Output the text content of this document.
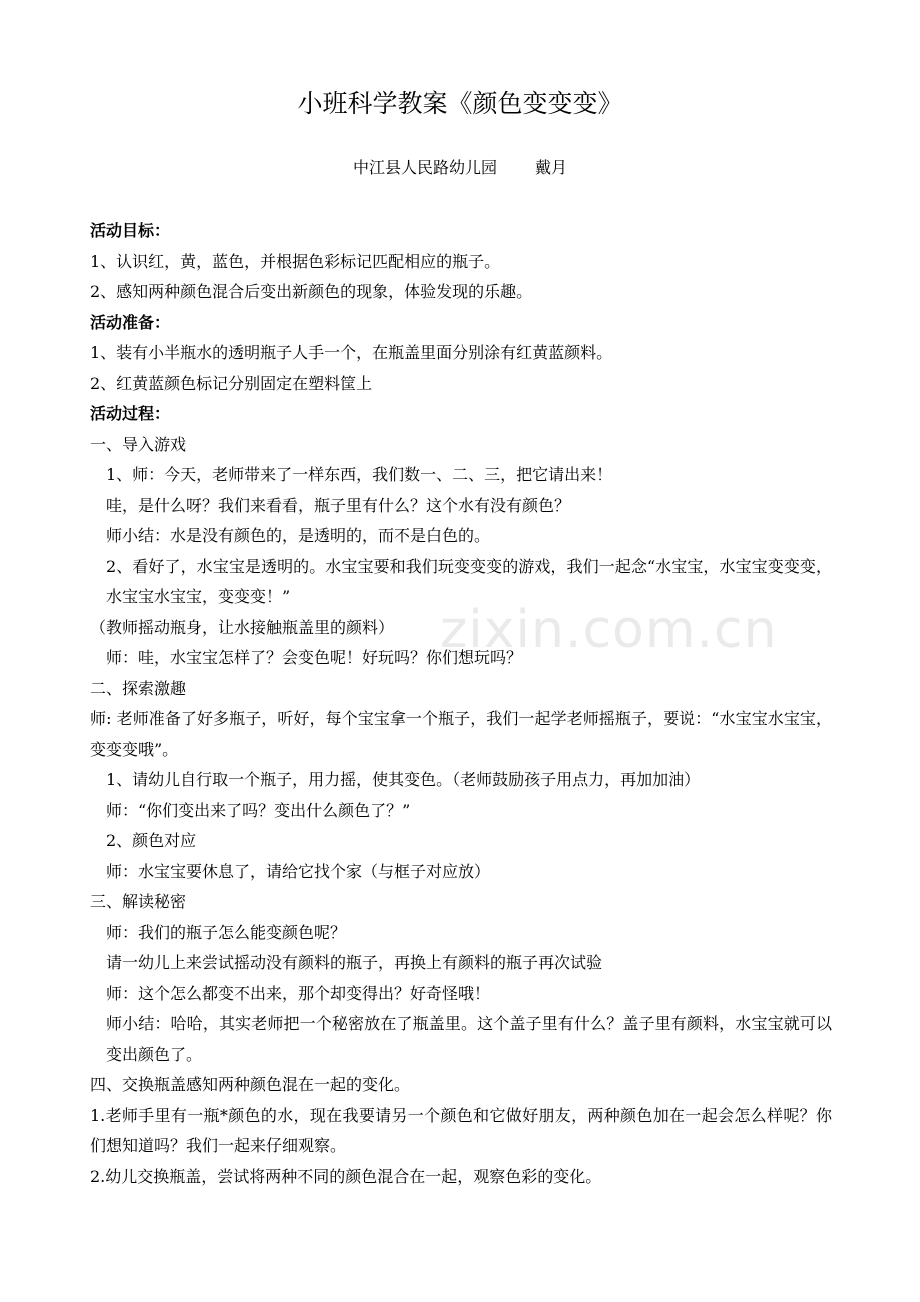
小班科学教案《颜色变变变》
中江县人民路幼儿园 戴月
zixin.com.cn

活动目标：

1、认识红，黄，蓝色，并根据色彩标记匹配相应的瓶子。

2、感知两种颜色混合后变出新颜色的现象，体验发现的乐趣。

活动准备：

1、装有小半瓶水的透明瓶子人手一个，在瓶盖里面分别涂有红黄蓝颜料。

2、红黄蓝颜色标记分别固定在塑料筐上

活动过程：

一、导入游戏

1、师：今天，老师带来了一样东西，我们数一、二、三，把它请出来！

哇，是什么呀？我们来看看，瓶子里有什么？这个水有没有颜色？

师小结：水是没有颜色的，是透明的，而不是白色的。

2、看好了，水宝宝是透明的。水宝宝要和我们玩变变变的游戏，我们一起念“水宝宝，水宝宝变变变，水宝宝水宝宝，变变变！”

（教师摇动瓶身，让水接触瓶盖里的颜料）

师：哇，水宝宝怎样了？会变色呢！好玩吗？你们想玩吗？

二、探索激趣

师: 老师准备了好多瓶子，听好，每个宝宝拿一个瓶子，我们一起学老师摇瓶子，要说：“水宝宝水宝宝，变变变哦”。

1、请幼儿自行取一个瓶子，用力摇，使其变色。（老师鼓励孩子用点力，再加加油）

师：“你们变出来了吗？变出什么颜色了？”

2、颜色对应

师：水宝宝要休息了，请给它找个家（与框子对应放）

三、解读秘密

师：我们的瓶子怎么能变颜色呢？

请一幼儿上来尝试摇动没有颜料的瓶子，再换上有颜料的瓶子再次试验

师：这个怎么都变不出来，那个却变得出？好奇怪哦！

师小结：哈哈，其实老师把一个秘密放在了瓶盖里。这个盖子里有什么？盖子里有颜料，水宝宝就可以变出颜色了。

四、交换瓶盖感知两种颜色混在一起的变化。

1.老师手里有一瓶*颜色的水，现在我要请另一个颜色和它做好朋友，两种颜色加在一起会怎么样呢？你们想知道吗？我们一起来仔细观察。

2.幼儿交换瓶盖，尝试将两种不同的颜色混合在一起，观察色彩的变化。
